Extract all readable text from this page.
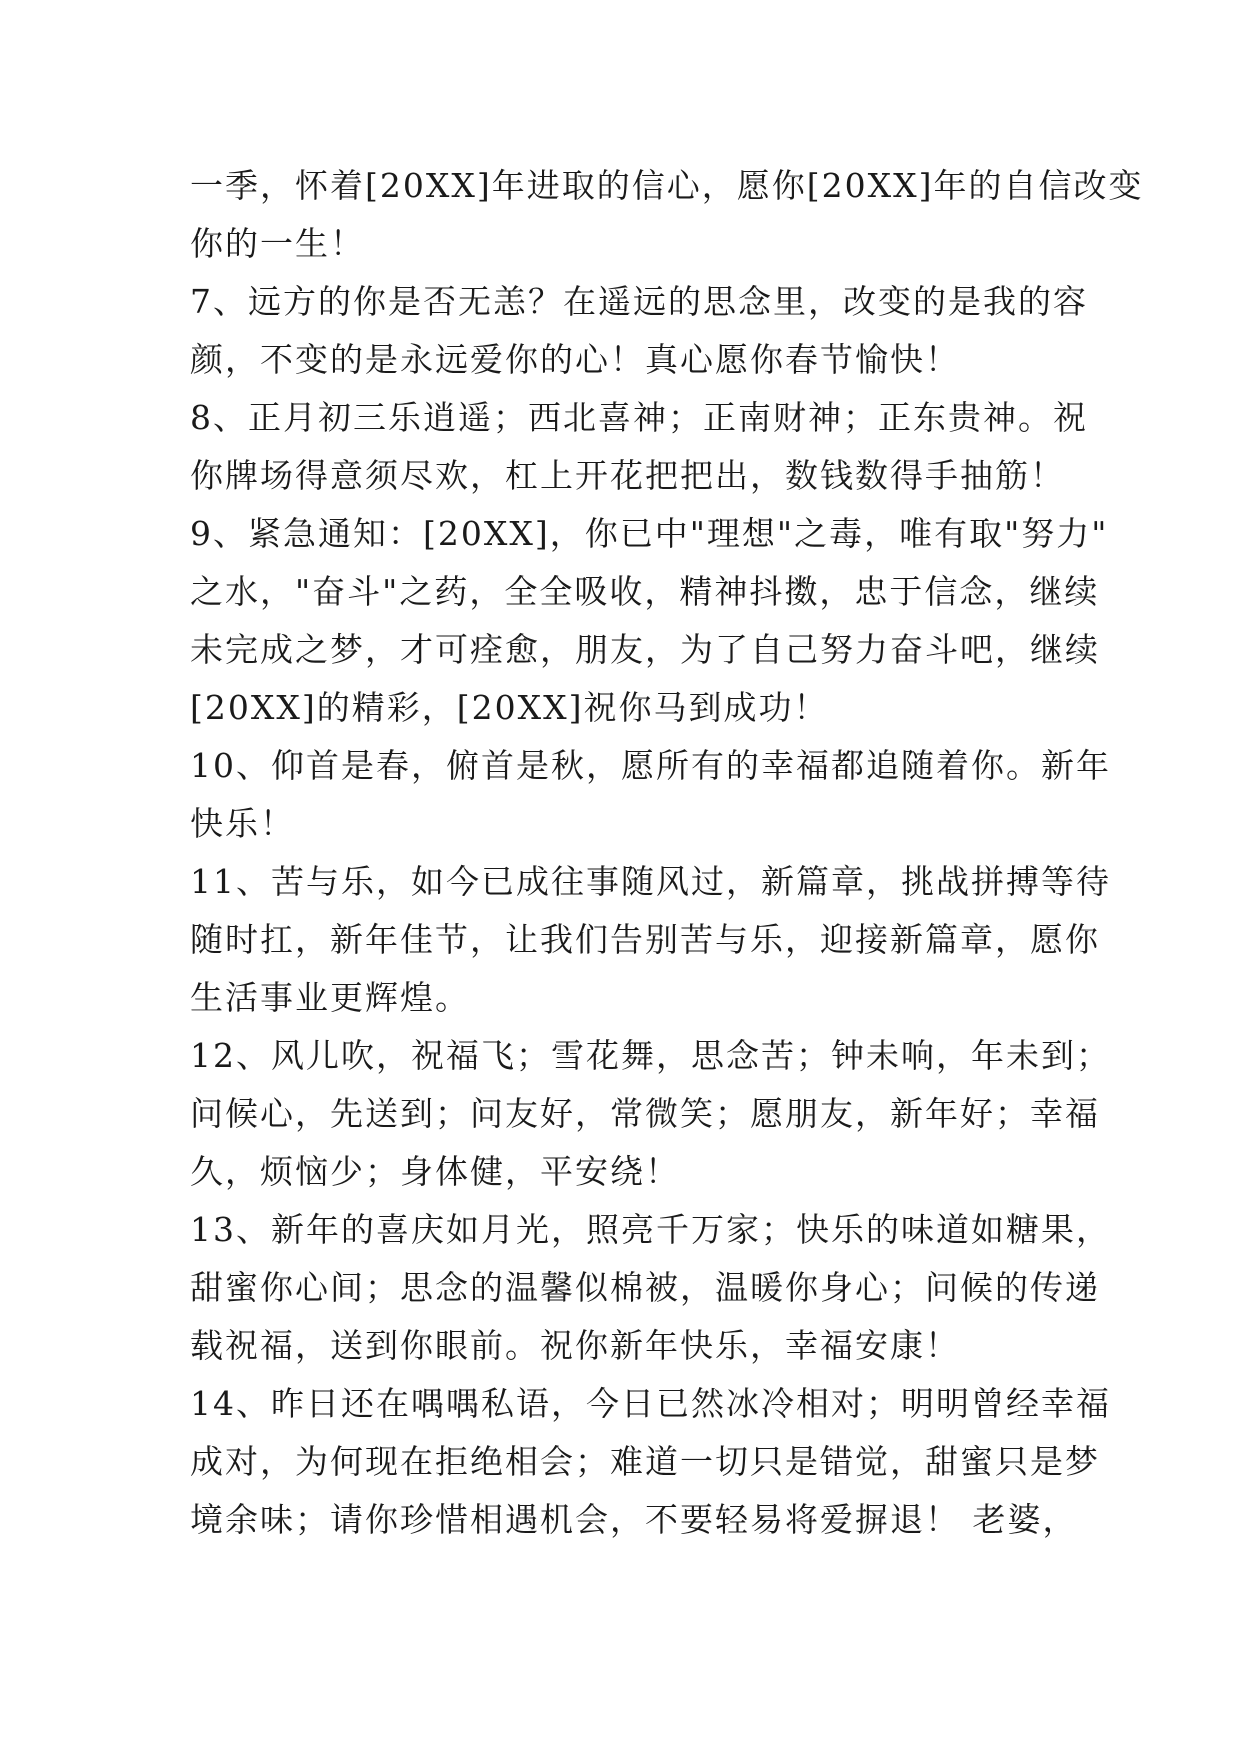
一季，怀着[20XX]年进取的信心，愿你[20XX]年的自信改变
你的一生！
7、远方的你是否无恙？在遥远的思念里，改变的是我的容
颜，不变的是永远爱你的心！真心愿你春节愉快！
8、正月初三乐逍遥；西北喜神；正南财神；正东贵神。祝
你牌场得意须尽欢，杠上开花把把出，数钱数得手抽筋！
9、紧急通知：[20XX]，你已中"理想"之毒，唯有取"努力"
之水，"奋斗"之药，全全吸收，精神抖擞，忠于信念，继续
未完成之梦，才可痊愈，朋友，为了自己努力奋斗吧，继续
[20XX]的精彩，[20XX]祝你马到成功！
10、仰首是春，俯首是秋，愿所有的幸福都追随着你。新年
快乐！
11、苦与乐，如今已成往事随风过，新篇章，挑战拼搏等待
随时扛，新年佳节，让我们告别苦与乐，迎接新篇章，愿你
生活事业更辉煌。
12、风儿吹，祝福飞；雪花舞，思念苦；钟未响，年未到；
问候心，先送到；问友好，常微笑；愿朋友，新年好；幸福
久，烦恼少；身体健，平安绕！
13、新年的喜庆如月光，照亮千万家；快乐的味道如糖果，
甜蜜你心间；思念的温馨似棉被，温暖你身心；问候的传递
载祝福，送到你眼前。祝你新年快乐，幸福安康！
14、昨日还在喁喁私语，今日已然冰冷相对；明明曾经幸福
成对，为何现在拒绝相会；难道一切只是错觉，甜蜜只是梦
境余味；请你珍惜相遇机会，不要轻易将爱摒退！ 老婆，
